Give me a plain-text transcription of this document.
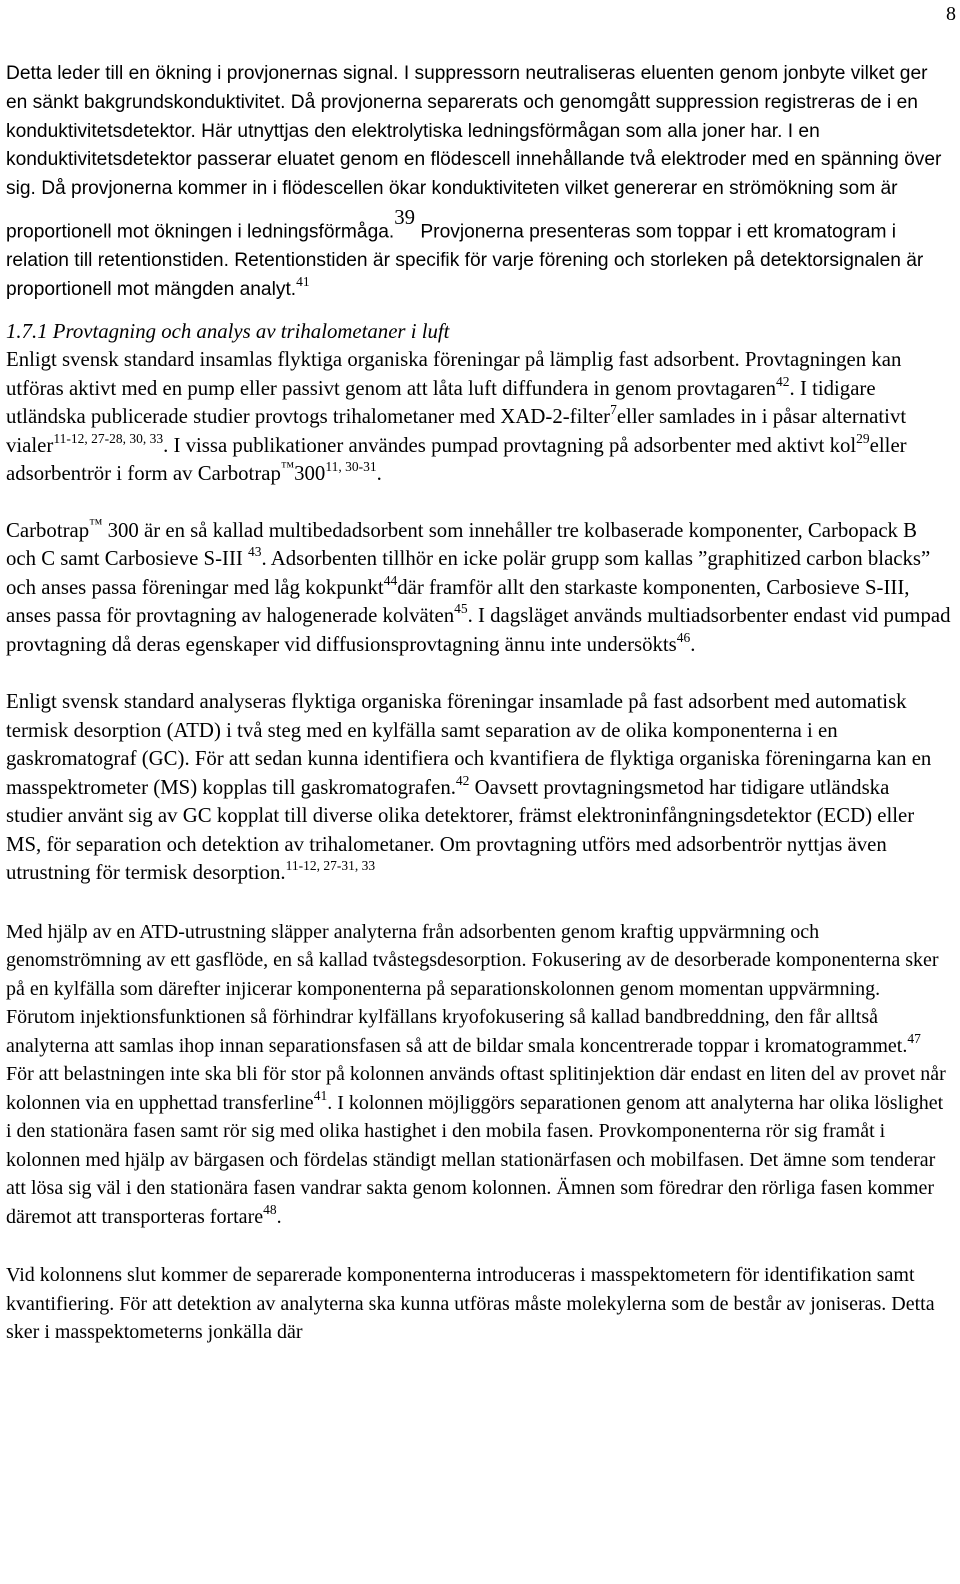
8

Detta leder till en ökning i provjonernas signal. I suppressorn neutraliseras eluenten genom jonbyte vilket ger en sänkt bakgrundskonduktivitet. Då provjonerna separerats och genomgått suppression registreras de i en konduktivitetsdetektor. Här utnyttjas den elektrolytiska ledningsförmågan som alla joner har. I en konduktivitetsdetektor passerar eluatet genom en flödescell innehållande två elektroder med en spänning över sig. Då provjonerna kommer in i flödescellen ökar konduktiviteten vilket genererar en strömökning som är proportionell mot ökningen i ledningsförmåga.$^{39}$ Provjonerna presenteras som toppar i ett kromatogram i relation till retentionstiden. Retentionstiden är specifik för varje förening och storleken på detektorsignalen är proportionell mot mängden analyt.$^{41}$

1.7.1 Provtagning och analys av trihalometaner i luft

Enligt svensk standard insamlas flyktiga organiska föreningar på lämplig fast adsorbent. Provtagningen kan utföras aktivt med en pump eller passivt genom att låta luft diffundera in genom provtagaren$^{42}$. I tidigare utländska publicerade studier provtogs trihalometaner med XAD-2-filter$^7$eller samlades in i påsar alternativt vialer$^{11-12, 27-28, 30, 33}$. I vissa publikationer användes pumpad provtagning på adsorbenter med aktivt kol$^{29}$eller adsorbentrör i form av Carbotrap™300$^{11, 30-31}$.

Carbotrap™ 300 är en så kallad multibedadsorbent som innehåller tre kolbaserade komponenter, Carbopack B och C samt Carbosieve S-III $^{43}$. Adsorbenten tillhör en icke polär grupp som kallas ”graphitized carbon blacks” och anses passa föreningar med låg kokpunkt$^{44}$där framför allt den starkaste komponenten, Carbosieve S-III, anses passa för provtagning av halogenerade kolväten$^{45}$. I dagsläget används multiadsorbenter endast vid pumpad provtagning då deras egenskaper vid diffusionsprovtagning ännu inte undersökts$^{46}$.

Enligt svensk standard analyseras flyktiga organiska föreningar insamlade på fast adsorbent med automatisk termisk desorption (ATD) i två steg med en kylfälla samt separation av de olika komponenterna i en gaskromatograf (GC). För att sedan kunna identifiera och kvantifiera de flyktiga organiska föreningarna kan en masspektrometer (MS) kopplas till gaskromatografen.$^{42}$ Oavsett provtagningsmetod har tidigare utländska studier använt sig av GC kopplat till diverse olika detektorer, främst elektroninfångningsdetektor (ECD) eller MS, för separation och detektion av trihalometaner. Om provtagning utförs med adsorbentrör nyttjas även utrustning för termisk desorption.$^{11-12, 27-31, 33}$

Med hjälp av en ATD-utrustning släpper analyterna från adsorbenten genom kraftig uppvärmning och genomströmning av ett gasflöde, en så kallad tvåstegsdesorption. Fokusering av de desorberade komponenterna sker på en kylfälla som därefter injicerar komponenterna på separationskolonnen genom momentan uppvärmning. Förutom injektionsfunktionen så förhindrar kylfällans kryofokusering så kallad bandbreddning, den får alltså analyterna att samlas ihop innan separationsfasen så att de bildar smala koncentrerade toppar i kromatogrammet.$^{47}$ För att belastningen inte ska bli för stor på kolonnen används oftast splitinjektion där endast en liten del av provet når kolonnen via en upphettad transferline$^{41}$. I kolonnen möjliggörs separationen genom att analyterna har olika löslighet i den stationära fasen samt rör sig med olika hastighet i den mobila fasen. Provkomponenterna rör sig framåt i kolonnen med hjälp av bärgasen och fördelas ständigt mellan stationärfasen och mobilfasen. Det ämne som tenderar att lösa sig väl i den stationära fasen vandrar sakta genom kolonnen. Ämnen som föredrar den rörliga fasen kommer däremot att transporteras fortare$^{48}$.

Vid kolonnens slut kommer de separerade komponenterna introduceras i masspektometern för identifikation samt kvantifiering. För att detektion av analyterna ska kunna utföras måste molekylerna som de består av joniseras. Detta sker i masspektometerns jonkälla där
